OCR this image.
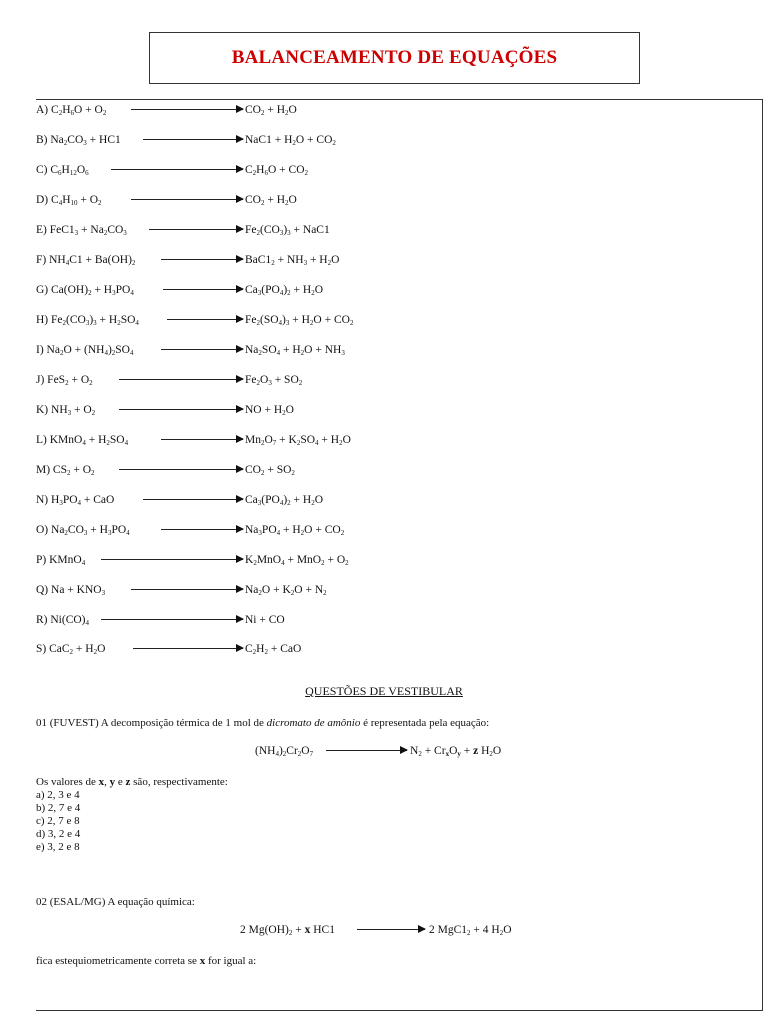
BALANCEAMENTO DE EQUAÇÕES
A) $C_2H_6O + O_2$	$CO_2 + H_2O$
B) $Na_2CO_3 + HC1$	$NaC1 + H_2O + CO_2$
C) $C_6H_{12}O_6$	$C_2H_6O + CO_2$
D) $C_4H_{10} + O_2$	$CO_2 + H_2O$
E) $FeC1_3 + Na_2CO_3$	$Fe_2(CO_3)_3 + NaC1$
F) $NH_4C1 + Ba(OH)_2$	$BaC1_2 + NH_3 + H_2O$
G) $Ca(OH)_2 + H_3PO_4$	$Ca_3(PO_4)_2 + H_2O$
H) $Fe_2(CO_3)_3 + H_2SO_4$	$Fe_2(SO_4)_3 + H_2O + CO_2$
I) $Na_2O + (NH_4)_2SO_4$	$Na_2SO_4 + H_2O + NH_3$
J) $FeS_2 + O_2$	$Fe_2O_3 + SO_2$
K) $NH_3 + O_2$	NO + $H_2O$
L) KMnO$_4$ + $H_2SO_4$	$Mn_2O_7 + K_2SO_4 + H_2O$
M) $CS_2 + O_2$	$CO_2 + SO_2$
N) $H_3PO_4$ + CaO	$Ca_3(PO_4)_2 + H_2O$
O) $Na_2CO_3 + H_3PO_4$	$Na_3PO_4 + H_2O + CO_2$
P) KMnO$_4$	$K_2MnO_4 + MnO_2 + O_2$
Q) $Na + KNO_3$	$Na_2O + K_2O + N_2$
R) $Ni(CO)_4$	Ni + CO
S) $CaC_2 + H_2O$	$C_2H_2$ + CaO
QUESTÕES DE VESTIBULAR
01 (FUVEST) A decomposição térmica de 1 mol de dicromato de amônio é representada pela equação:
$(NH_4)_2Cr_2O_7$	$N_2 + Cr_xO_y + z$ $H_2O$
Os valores de x, y e z são, respectivamente:
a) 2, 3 e 4
b) 2, 7 e 4
c) 2, 7 e 8
d) 3, 2 e 4
e) 3, 2 e 8
02 (ESAL/MG) A equação química:
2 $Mg(OH)_2 + x$ HC1	2 $MgC1_2 + 4$ $H_2O$
fica estequiometricamente correta se x for igual a:
